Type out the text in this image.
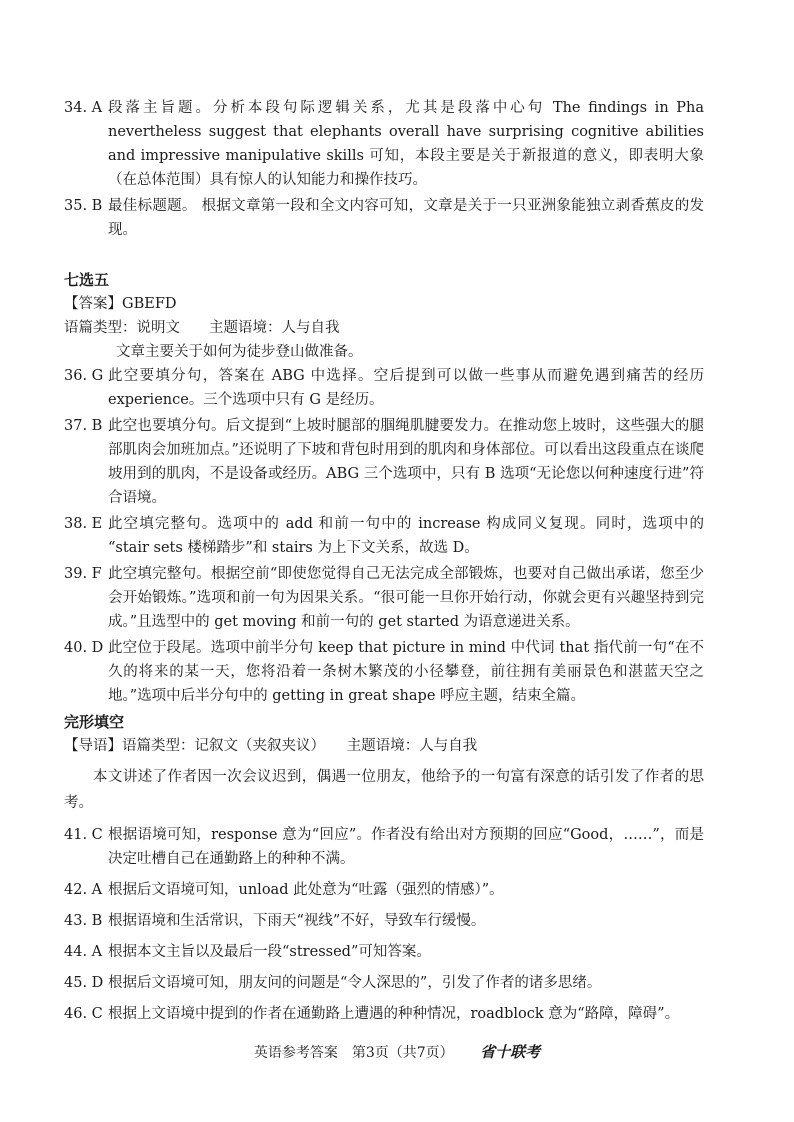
34. A 段落主旨题。分析本段句际逻辑关系，尤其是段落中心句 The findings in Pha nevertheless suggest that elephants overall have surprising cognitive abilities and impressive manipulative skills 可知，本段主要是关于新报道的意义，即表明大象（在总体范围）具有惊人的认知能力和操作技巧。
35. B 最佳标题题。 根据文章第一段和全文内容可知，文章是关于一只亚洲象能独立剥香蕉皮的发现。
七选五
【答案】GBEFD
语篇类型：说明文　　主题语境：人与自我
文章主要关于如何为徒步登山做准备。
36. G 此空要填分句，答案在 ABG 中选择。空后提到可以做一些事从而避免遇到痛苦的经历 experience。三个选项中只有 G 是经历。
37. B 此空也要填分句。后文提到“上坡时腿部的腘绳肌腱要发力。在推动您上坡时，这些强大的腿部肌肉会加班加点。”还说明了下坡和背包时用到的肌肉和身体部位。可以看出这段重点在谈爬坡用到的肌肉，不是设备或经历。ABG 三个选项中，只有 B 选项“无论您以何种速度行进”符合语境。
38. E 此空填完整句。选项中的 add 和前一句中的 increase 构成同义复现。同时，选项中的 “stair sets 楼梯踏步”和 stairs 为上下文关系，故选 D。
39. F 此空填完整句。根据空前“即使您觉得自己无法完成全部锻炼，也要对自己做出承诺，您至少会开始锻炼。”选项和前一句为因果关系。“很可能一旦你开始行动，你就会更有兴趣坚持到完成。”且选型中的 get moving 和前一句的 get started 为语意递进关系。
40. D 此空位于段尾。选项中前半分句 keep that picture in mind 中代词 that 指代前一句“在不久的将来的某一天，您将沿着一条树木繁茂的小径攀登，前往拥有美丽景色和湛蓝天空之地。”选项中后半分句中的 getting in great shape 呼应主题，结束全篇。
完形填空
【导语】语篇类型：记叙文（夹叙夹议）　　主题语境：人与自我
本文讲述了作者因一次会议迟到，偶遇一位朋友，他给予的一句富有深意的话引发了作者的思考。
41. C 根据语境可知，response 意为“回应”。作者没有给出对方预期的回应“Good，……”，而是决定吐槽自己在通勤路上的种种不满。
42. A 根据后文语境可知，unload 此处意为“吐露（强烈的情感）”。
43. B 根据语境和生活常识，下雨天“视线”不好，导致车行缓慢。
44. A 根据本文主旨以及最后一段“stressed”可知答案。
45. D 根据后文语境可知，朋友问的问题是“令人深思的”，引发了作者的诸多思绪。
46. C 根据上文语境中提到的作者在通勤路上遭遇的种种情况，roadblock 意为“路障，障碍”。
英语参考答案　第3页（共7页） 省十联考
